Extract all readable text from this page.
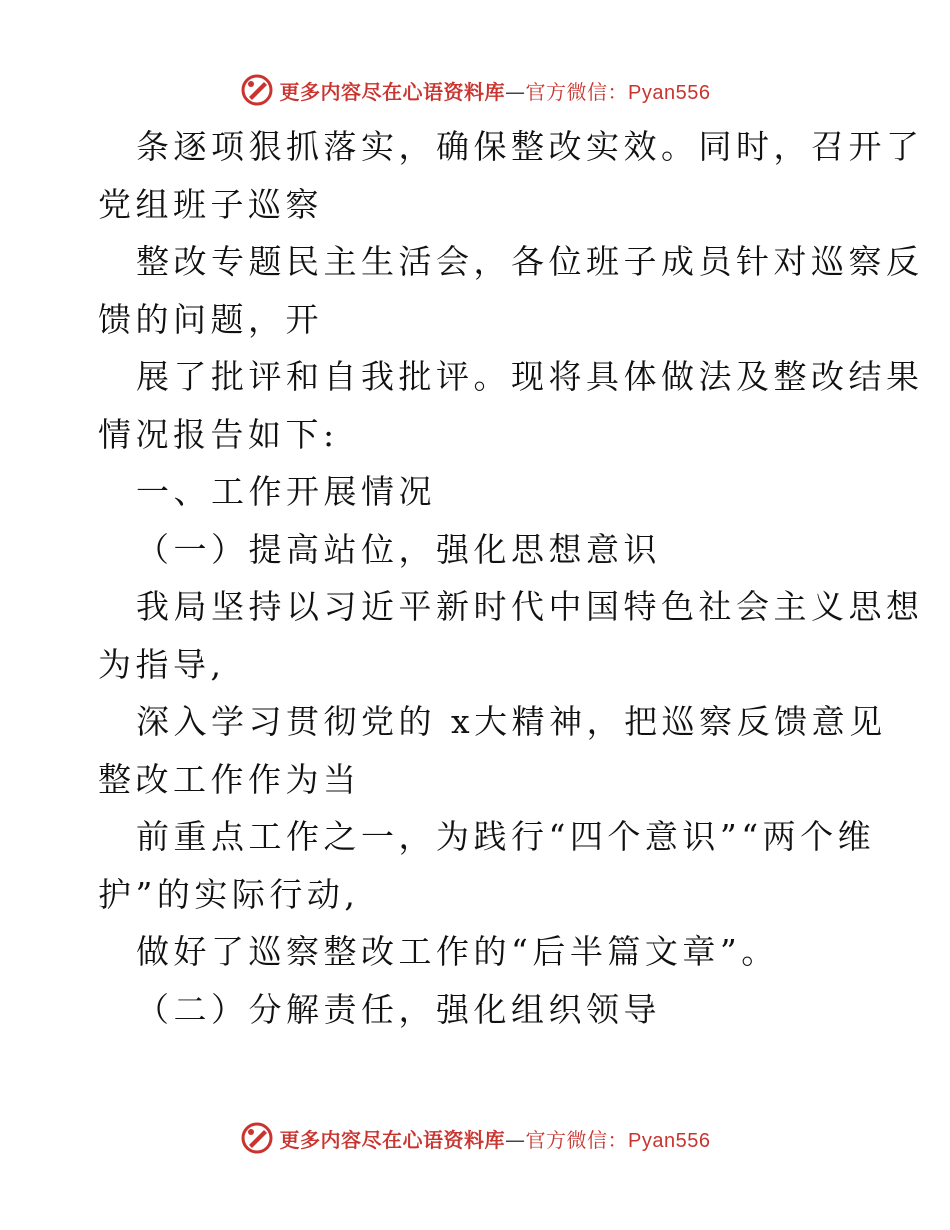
更多内容尽在心语资料库—官方微信：Pyan556
条逐项狠抓落实，确保整改实效。同时，召开了
党组班子巡察
整改专题民主生活会，各位班子成员针对巡察反
馈的问题，开
展了批评和自我批评。现将具体做法及整改结果
情况报告如下:
一、工作开展情况
（一）提高站位，强化思想意识
我局坚持以习近平新时代中国特色社会主义思想
为指导,
深入学习贯彻党的 x大精神，把巡察反馈意见
整改工作作为当
前重点工作之一，为践行“四个意识”“两个维
护”的实际行动,
做好了巡察整改工作的“后半篇文章”。
（二）分解责任，强化组织领导
更多内容尽在心语资料库—官方微信：Pyan556
